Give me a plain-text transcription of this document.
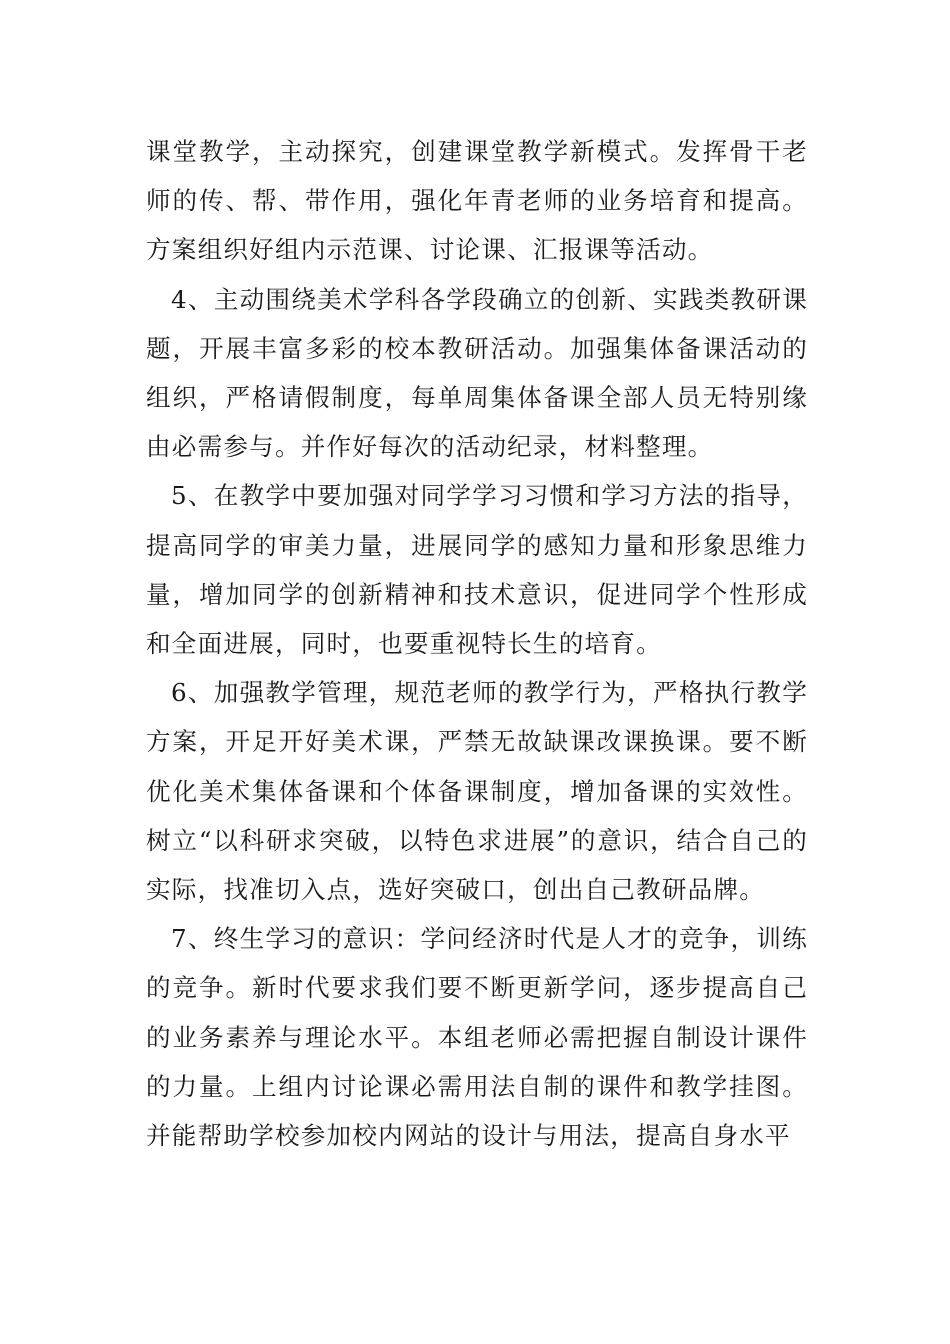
课堂教学，主动探究，创建课堂教学新模式。发挥骨干老师的传、帮、带作用，强化年青老师的业务培育和提高。方案组织好组内示范课、讨论课、汇报课等活动。

4、主动围绕美术学科各学段确立的创新、实践类教研课题，开展丰富多彩的校本教研活动。加强集体备课活动的组织，严格请假制度，每单周集体备课全部人员无特别缘由必需参与。并作好每次的活动纪录，材料整理。

5、在教学中要加强对同学学习习惯和学习方法的指导，提高同学的审美力量，进展同学的感知力量和形象思维力量，增加同学的创新精神和技术意识，促进同学个性形成和全面进展，同时，也要重视特长生的培育。

6、加强教学管理，规范老师的教学行为，严格执行教学方案，开足开好美术课，严禁无故缺课改课换课。要不断优化美术集体备课和个体备课制度，增加备课的实效性。树立“以科研求突破，以特色求进展”的意识，结合自己的实际，找准切入点，选好突破口，创出自己教研品牌。

7、终生学习的意识：学问经济时代是人才的竞争，训练的竞争。新时代要求我们要不断更新学问，逐步提高自己的业务素养与理论水平。本组老师必需把握自制设计课件的力量。上组内讨论课必需用法自制的课件和教学挂图。并能帮助学校参加校内网站的设计与用法，提高自身水平
